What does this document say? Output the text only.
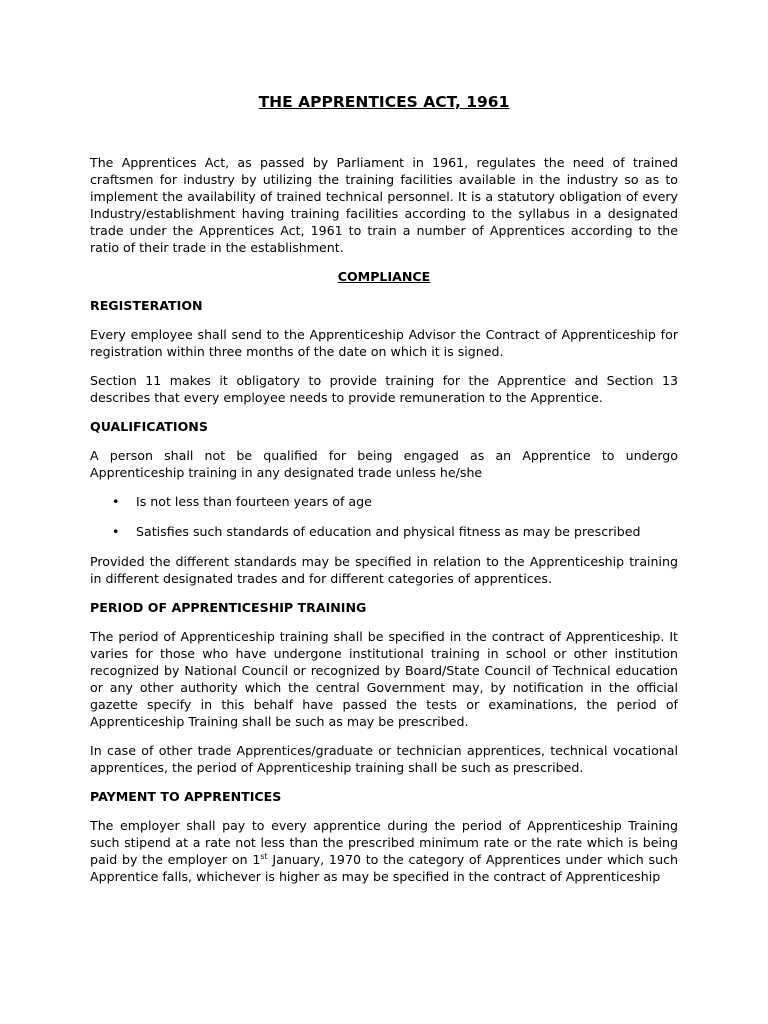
THE APPRENTICES ACT, 1961

The Apprentices Act, as passed by Parliament in 1961, regulates the need of trained craftsmen for industry by utilizing the training facilities available in the industry so as to implement the availability of trained technical personnel. It is a statutory obligation of every Industry/establishment having training facilities according to the syllabus in a designated trade under the Apprentices Act, 1961 to train a number of Apprentices according to the ratio of their trade in the establishment.

COMPLIANCE
REGISTERATION

Every employee shall send to the Apprenticeship Advisor the Contract of Apprenticeship for registration within three months of the date on which it is signed.

Section 11 makes it obligatory to provide training for the Apprentice and Section 13 describes that every employee needs to provide remuneration to the Apprentice.

QUALIFICATIONS

A person shall not be qualified for being engaged as an Apprentice to undergo Apprenticeship training in any designated trade unless he/she

• Is not less than fourteen years of age
• Satisfies such standards of education and physical fitness as may be prescribed

Provided the different standards may be specified in relation to the Apprenticeship training in different designated trades and for different categories of apprentices.

PERIOD OF APPRENTICESHIP TRAINING

The period of Apprenticeship training shall be specified in the contract of Apprenticeship. It varies for those who have undergone institutional training in school or other institution recognized by National Council or recognized by Board/State Council of Technical education or any other authority which the central Government may, by notification in the official gazette specify in this behalf have passed the tests or examinations, the period of Apprenticeship Training shall be such as may be prescribed.

In case of other trade Apprentices/graduate or technician apprentices, technical vocational apprentices, the period of Apprenticeship training shall be such as prescribed.

PAYMENT TO APPRENTICES

The employer shall pay to every apprentice during the period of Apprenticeship Training such stipend at a rate not less than the prescribed minimum rate or the rate which is being paid by the employer on 1st January, 1970 to the category of Apprentices under which such Apprentice falls, whichever is higher as may be specified in the contract of Apprenticeship
